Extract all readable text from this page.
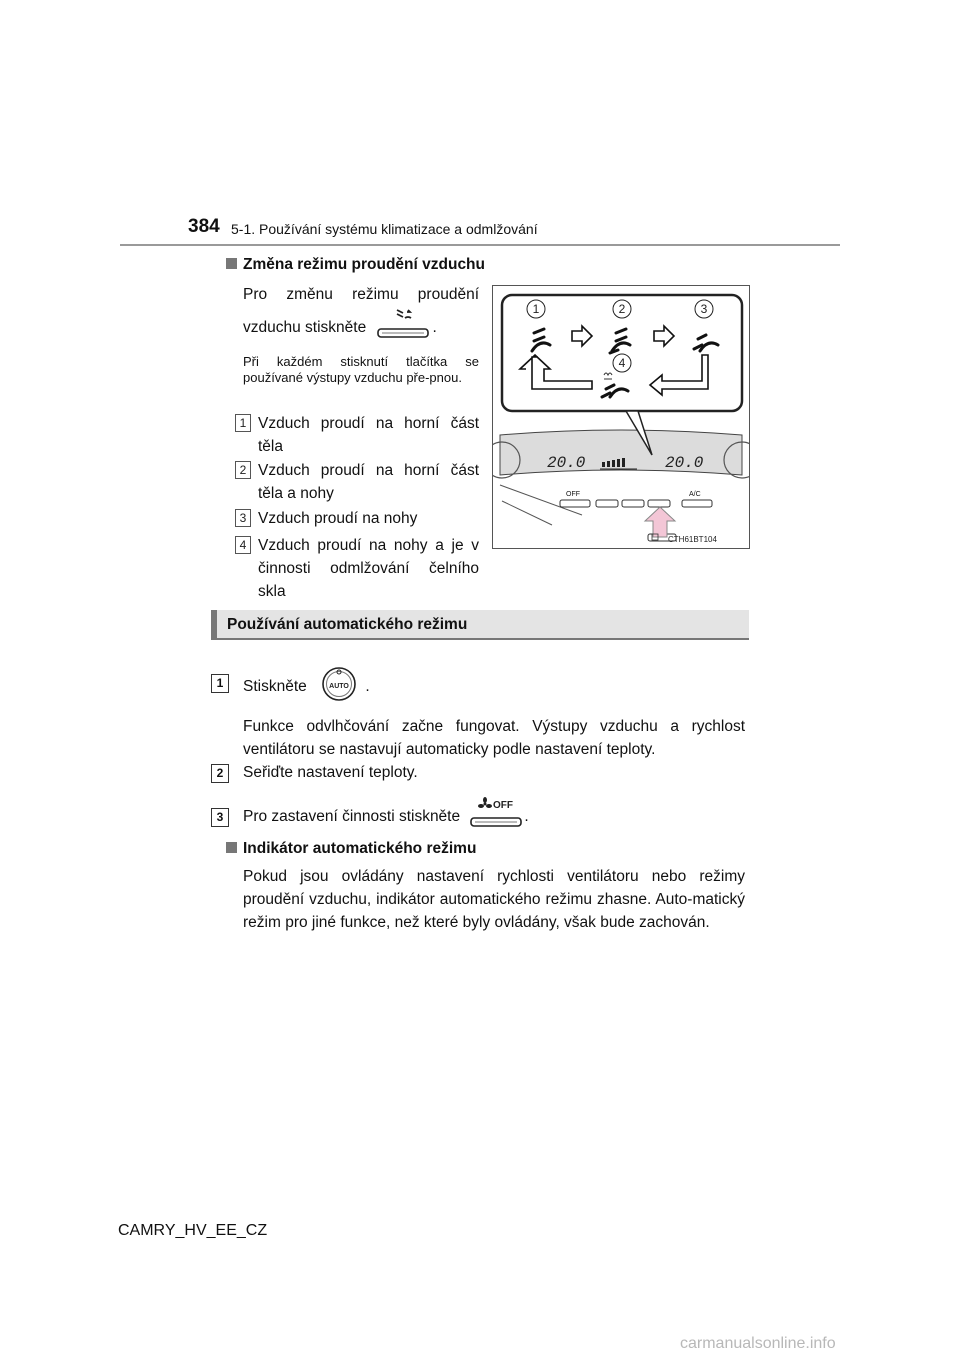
384 5-1. Používání systému klimatizace a odmlžování
Změna režimu proudění vzduchu
Pro změnu režimu proudění
vzduchu stiskněte	.
Při každém stisknutí tlačítka se používané výstupy vzduchu pře-pnou.
1 Vzduch proudí na horní část těla
2 Vzduch proudí na horní část těla a nohy
3 Vzduch proudí na nohy
4 Vzduch proudí na nohy a je v činnosti odmlžování čelního skla
20.0	20.0
OFF	A/C
1	2	3
4
CTH61BT104
Používání automatického režimu
1	Stiskněte	AUTO .
Funkce odvlhčování začne fungovat. Výstupy vzduchu a rychlost ventilátoru se nastavují automaticky podle nastavení teploty.
2	Seřiďte nastavení teploty.
3	Pro zastavení činnosti stiskněte
OFF
.
Indikátor automatického režimu
Pokud jsou ovládány nastavení rychlosti ventilátoru nebo režimy proudění vzduchu, indikátor automatického režimu zhasne. Auto-matický režim pro jiné funkce, než které byly ovládány, však bude zachován.
CAMRY_HV_EE_CZ
carmanualsonline.info
